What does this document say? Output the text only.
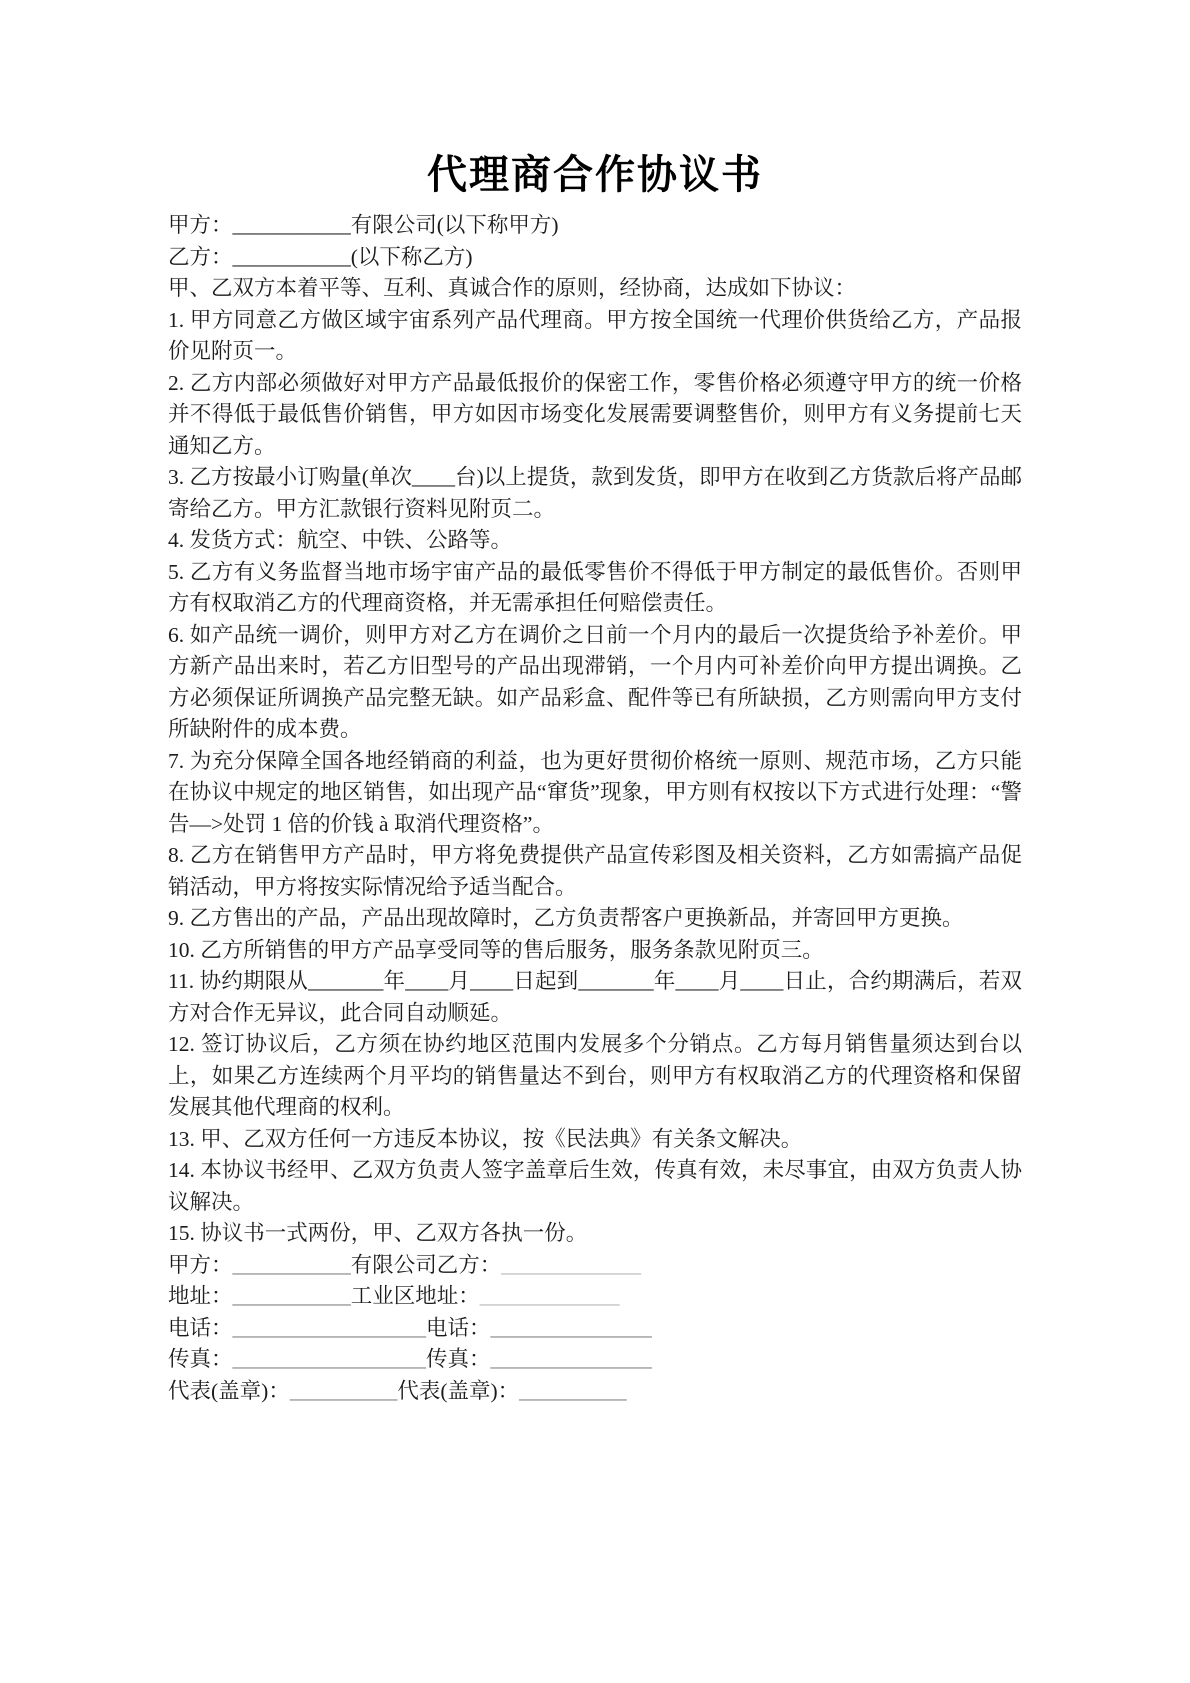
代理商合作协议书

甲方：___________有限公司(以下称甲方)

乙方：___________(以下称乙方)

甲、乙双方本着平等、互利、真诚合作的原则，经协商，达成如下协议：

1. 甲方同意乙方做区域宇宙系列产品代理商。甲方按全国统一代理价供货给乙方，产品报价见附页一。

2. 乙方内部必须做好对甲方产品最低报价的保密工作，零售价格必须遵守甲方的统一价格并不得低于最低售价销售，甲方如因市场变化发展需要调整售价，则甲方有义务提前七天通知乙方。

3. 乙方按最小订购量(单次____台)以上提货，款到发货，即甲方在收到乙方货款后将产品邮寄给乙方。甲方汇款银行资料见附页二。

4. 发货方式：航空、中铁、公路等。

5. 乙方有义务监督当地市场宇宙产品的最低零售价不得低于甲方制定的最低售价。否则甲方有权取消乙方的代理商资格，并无需承担任何赔偿责任。

6. 如产品统一调价，则甲方对乙方在调价之日前一个月内的最后一次提货给予补差价。甲方新产品出来时，若乙方旧型号的产品出现滞销，一个月内可补差价向甲方提出调换。乙方必须保证所调换产品完整无缺。如产品彩盒、配件等已有所缺损，乙方则需向甲方支付所缺附件的成本费。

7. 为充分保障全国各地经销商的利益，也为更好贯彻价格统一原则、规范市场，乙方只能在协议中规定的地区销售，如出现产品“窜货”现象，甲方则有权按以下方式进行处理：“警告—>处罚 1 倍的价钱 à 取消代理资格”。

8. 乙方在销售甲方产品时，甲方将免费提供产品宣传彩图及相关资料，乙方如需搞产品促销活动，甲方将按实际情况给予适当配合。

9. 乙方售出的产品，产品出现故障时，乙方负责帮客户更换新品，并寄回甲方更换。

10. 乙方所销售的甲方产品享受同等的售后服务，服务条款见附页三。

11. 协约期限从_______年____月____日起到_______年____月____日止，合约期满后，若双方对合作无异议，此合同自动顺延。

12. 签订协议后，乙方须在协约地区范围内发展多个分销点。乙方每月销售量须达到台以上，如果乙方连续两个月平均的销售量达不到台，则甲方有权取消乙方的代理资格和保留发展其他代理商的权利。

13. 甲、乙双方任何一方违反本协议，按《民法典》有关条文解决。

14. 本协议书经甲、乙双方负责人签字盖章后生效，传真有效，未尽事宜，由双方负责人协议解决。

15. 协议书一式两份，甲、乙双方各执一份。

甲方：___________有限公司乙方：_____________
地址：___________工业区地址：_____________
电话：__________________电话：_______________
传真：__________________传真：_______________
代表(盖章)：__________代表(盖章)：__________
